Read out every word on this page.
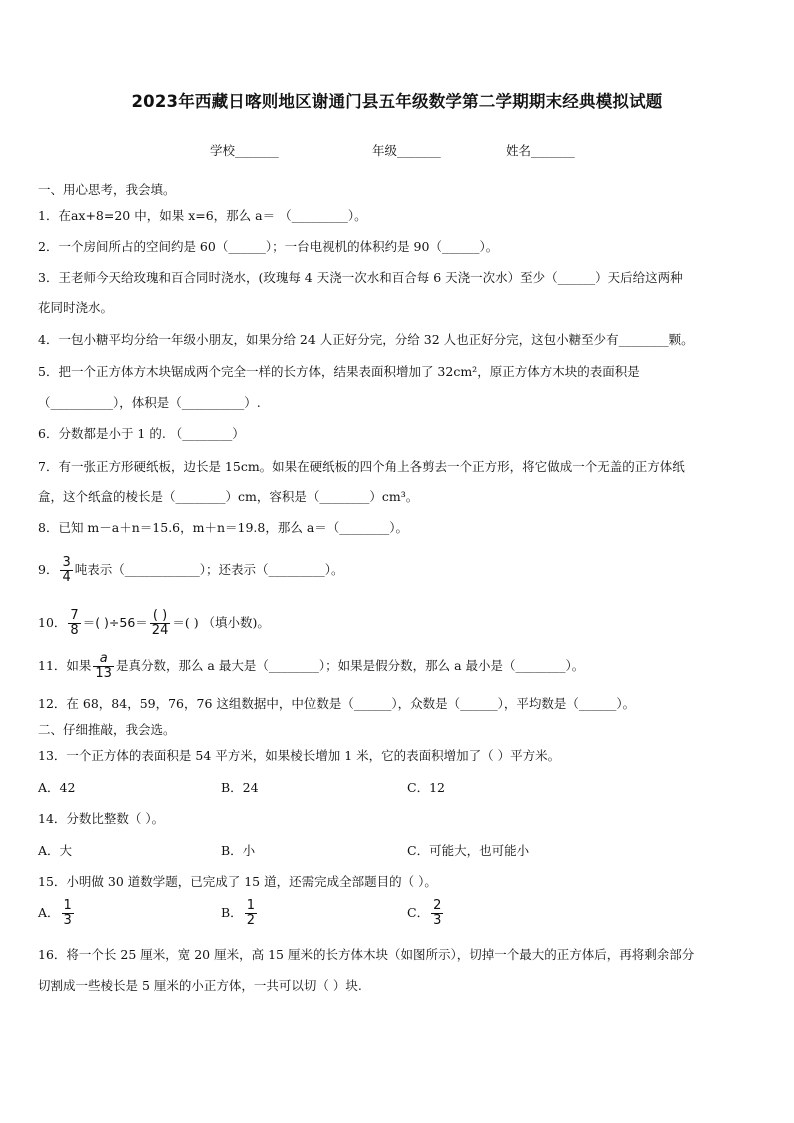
2023年西藏日喀则地区谢通门县五年级数学第二学期期末经典模拟试题
学校_______	年级_______	姓名_______
一、用心思考，我会填。
1．在ax+8=20 中，如果 x=6，那么 a＝ （_________）。
2．一个房间所占的空间约是 60（______）；一台电视机的体积约是 90（______）。
3．王老师今天给玫瑰和百合同时浇水，(玫瑰每 4 天浇一次水和百合每 6 天浇一次水）至少（______）天后给这两种
花同时浇水。
4．一包小糖平均分给一年级小朋友，如果分给 24 人正好分完，分给 32 人也正好分完，这包小糖至少有________颗。
5．把一个正方体方木块锯成两个完全一样的长方体，结果表面积增加了 32cm²，原正方体方木块的表面积是
（__________），体积是（__________）.
6．分数都是小于 1 的. （________）
7．有一张正方形硬纸板，边长是 15cm。如果在硬纸板的四个角上各剪去一个正方形，将它做成一个无盖的正方体纸
盒，这个纸盒的棱长是（________）cm，容积是（________）cm³。
8．已知 m－a＋n＝15.6，m＋n＝19.8，那么 a＝（________）。
9． $\frac{3}{4}$ 吨表示（____________）；还表示（_________）。
10． $\frac{7}{8}$ ＝( )$\div 56= \frac{( )}{24}$ ＝( ) （填小数)。
11．如果 $\frac{a}{13}$ 是真分数，那么 a 最大是（________）；如果是假分数，那么 a 最小是（________）。
12．在 68，84，59，76，76 这组数据中，中位数是（______），众数是（______），平均数是（______）。
二、仔细推敲，我会选。
13．一个正方体的表面积是 54 平方米，如果棱长增加 1 米，它的表面积增加了（ ）平方米。
A．42	B．24	C．12
14．分数比整数（ ）。
A．大	B．小	C．可能大，也可能小
15．小明做 30 道数学题，已完成了 15 道，还需完成全部题目的（ ）。
A． $\frac{1}{3}$	B． $\frac{1}{2}$	C． $\frac{2}{3}$
16．将一个长 25 厘米，宽 20 厘米，高 15 厘米的长方体木块（如图所示），切掉一个最大的正方体后，再将剩余部分
切割成一些棱长是 5 厘米的小正方体，一共可以切（ ）块.
